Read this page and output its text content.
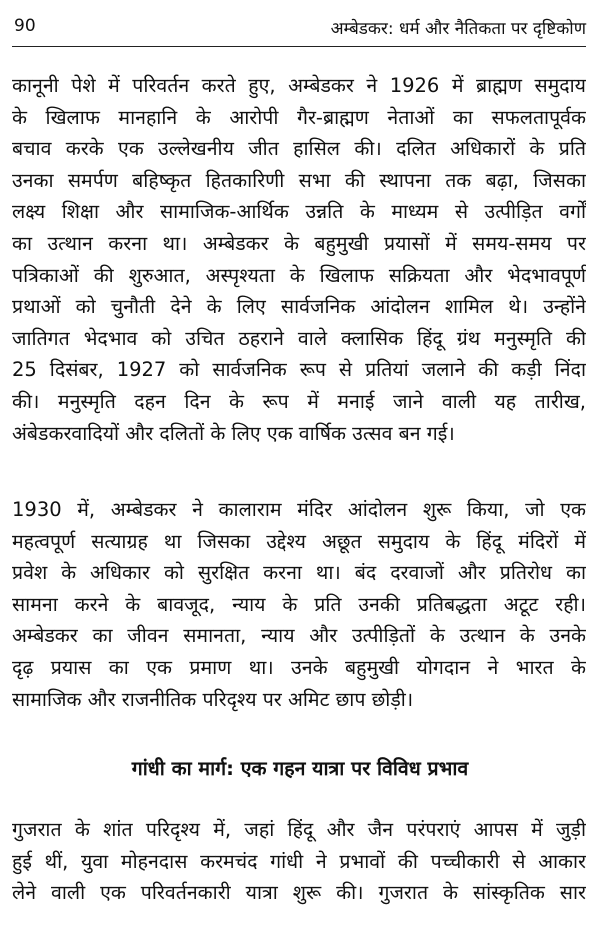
90	अम्बेडकर: धर्म और नैतिकता पर दृष्टिकोण

कानूनी पेशे में परिवर्तन करते हुए, अम्बेडकर ने 1926 में ब्राह्मण समुदाय
के खिलाफ मानहानि के आरोपी गैर-ब्राह्मण नेताओं का सफलतापूर्वक
बचाव करके एक उल्लेखनीय जीत हासिल की। दलित अधिकारों के प्रति
उनका समर्पण बहिष्कृत हितकारिणी सभा की स्थापना तक बढ़ा, जिसका
लक्ष्य शिक्षा और सामाजिक-आर्थिक उन्नति के माध्यम से उत्पीड़ित वर्गों
का उत्थान करना था। अम्बेडकर के बहुमुखी प्रयासों में समय-समय पर
पत्रिकाओं की शुरुआत, अस्पृश्यता के खिलाफ सक्रियता और भेदभावपूर्ण
प्रथाओं को चुनौती देने के लिए सार्वजनिक आंदोलन शामिल थे। उन्होंने
जातिगत भेदभाव को उचित ठहराने वाले क्लासिक हिंदू ग्रंथ मनुस्मृति की
25 दिसंबर, 1927 को सार्वजनिक रूप से प्रतियां जलाने की कड़ी निंदा
की। मनुस्मृति दहन दिन के रूप में मनाई जाने वाली यह तारीख,
अंबेडकरवादियों और दलितों के लिए एक वार्षिक उत्सव बन गई।

1930 में, अम्बेडकर ने कालाराम मंदिर आंदोलन शुरू किया, जो एक
महत्वपूर्ण सत्याग्रह था जिसका उद्देश्य अछूत समुदाय के हिंदू मंदिरों में
प्रवेश के अधिकार को सुरक्षित करना था। बंद दरवाजों और प्रतिरोध का
सामना करने के बावजूद, न्याय के प्रति उनकी प्रतिबद्धता अटूट रही।
अम्बेडकर का जीवन समानता, न्याय और उत्पीड़ितों के उत्थान के उनके
दृढ़ प्रयास का एक प्रमाण था। उनके बहुमुखी योगदान ने भारत के
सामाजिक और राजनीतिक परिदृश्य पर अमिट छाप छोड़ी।

गांधी का मार्ग: एक गहन यात्रा पर विविध प्रभाव

गुजरात के शांत परिदृश्य में, जहां हिंदू और जैन परंपराएं आपस में जुड़ी
हुई थीं, युवा मोहनदास करमचंद गांधी ने प्रभावों की पच्चीकारी से आकार
लेने वाली एक परिवर्तनकारी यात्रा शुरू की। गुजरात के सांस्कृतिक सार
